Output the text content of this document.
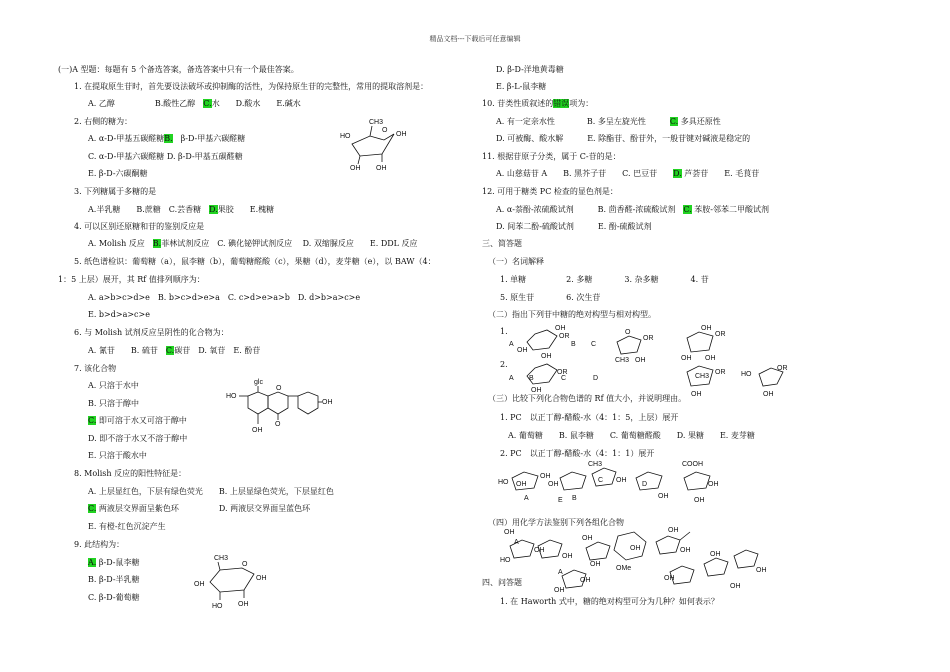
精品文档---下载后可任意编辑
(一)A 型题：每题有 5 个备选答案，备选答案中只有一个最佳答案。
1. 在提取原生苷时，首先要设法破坏或抑制酶的活性，为保持原生苷的完整性，常用的提取溶剂是：
A. 乙醇　　　　　B.酸性乙醇　C.水　　D.酸水　　E.碱水
2. 右侧的糖为：
A. α-D-甲基五碳醛糖B.　β-D-甲基六碳醛糖
C. α-D-甲基六碳醛糖 D. β-D-甲基五碳醛糖
E. β-D-六碳酮糖
3. 下列糖属于多糖的是
A.半乳糖　　B.蔗糖　C.芸香糖　D.果胶　　E.槐糖
4. 可以区别还原糖和苷的鉴别反应是
A. Molish 反应　B.菲林试剂反应　C. 碘化铋钾试剂反应　 D. 双缩脲反应　　E. DDL 反应
5. 纸色谱检识：葡萄糖（a），鼠李糖（b），葡萄糖醛酸（c），果糖（d），麦芽糖（e），以 BAW（4：
1：5 上层）展开，其 Rf 值排列顺序为：
A. a>b>c>d>e　B. b>c>d>e>a　C. c>d>e>a>b　D. d>b>a>c>e
E. b>d>a>c>e
6. 与 Molish 试剂反应呈阴性的化合物为：
A. 氰苷　　B. 硫苷　C.碳苷　D. 氧苷　E. 酚苷
7. 该化合物
A. 只溶于水中
B. 只溶于醇中
C. 即可溶于水又可溶于醇中
D. 即不溶于水又不溶于醇中
E. 只溶于酸水中
8. Molish 反应的阳性特征是：
A. 上层显红色，下层有绿色荧光　　B. 上层显绿色荧光，下层显红色
C. 两液层交界面呈紫色环　　　　　D. 两液层交界面呈蓝色环
E. 有橙-红色沉淀产生
9. 此结构为：
A. β-D-鼠李糖
B. β-D-半乳糖
C. β-D-葡萄糖
D. β-D-洋地黄毒糖
E. β-L-鼠李糖
10. 苷类性质叙述的错误项为：
A. 有一定亲水性　　　　B. 多呈左旋光性　　　C. 多具还原性
D. 可被酶、酸水解　　　E. 除酯苷、酚苷外，一般苷键对碱液是稳定的
11. 根据苷原子分类，属于 C-苷的是：
A. 山慈菇苷 A　　B. 黑芥子苷　　C. 巴豆苷　　D. 芦荟苷　　E. 毛茛苷
12. 可用于糖类 PC 检查的显色剂是：
A. α-萘酚-浓硫酸试剂　　　B. 茴香醛-浓硫酸试剂　C. 苯胺-邻苯二甲酸试剂
D. 间苯二酚-硫酸试剂　　　E. 酚-硫酸试剂
三、简答题
（一）名词解释
1. 单糖　　　　　2. 多糖　　　　3. 杂多糖　　　　4. 苷
5. 原生苷　　　　6. 次生苷
（二）指出下列苷中糖的绝对构型与相对构型。
1.
2.
（三）比较下列化合物色谱的 Rf 值大小，并说明理由。
1. PC　以正丁醇-醋酸-水（4：1：5，上层）展开
A. 葡萄糖　　B. 鼠李糖　　C. 葡萄糖醛酸　　D. 果糖　　E. 麦芽糖
2. PC　以正丁醇-醋酸-水（4：1：1）展开
（四）用化学方法鉴别下列各组化合物
四、问答题
1. 在 Haworth 式中，糖的绝对构型可分为几种？如何表示？
CH3
O
OH
HO
OH OH
glc
O
HO
OH
O
OH
CH3
O
OH
OH
HO OH
OH
OR
OH
OH
A	B C
O
OR
CH3 OH
OH
OR
OH OH
OR
A B	C	D
OH
CH3
OR
OH
OR
HO
OH
HO OH
OH
A
OH
B
CH3
C OH
D
OH
E
COOH
OH
OH
OH
HO
A
OH
OH
OH
OH
OH
OMe
OH
OH
OH
OH
A
OH
OH
OH
OH
